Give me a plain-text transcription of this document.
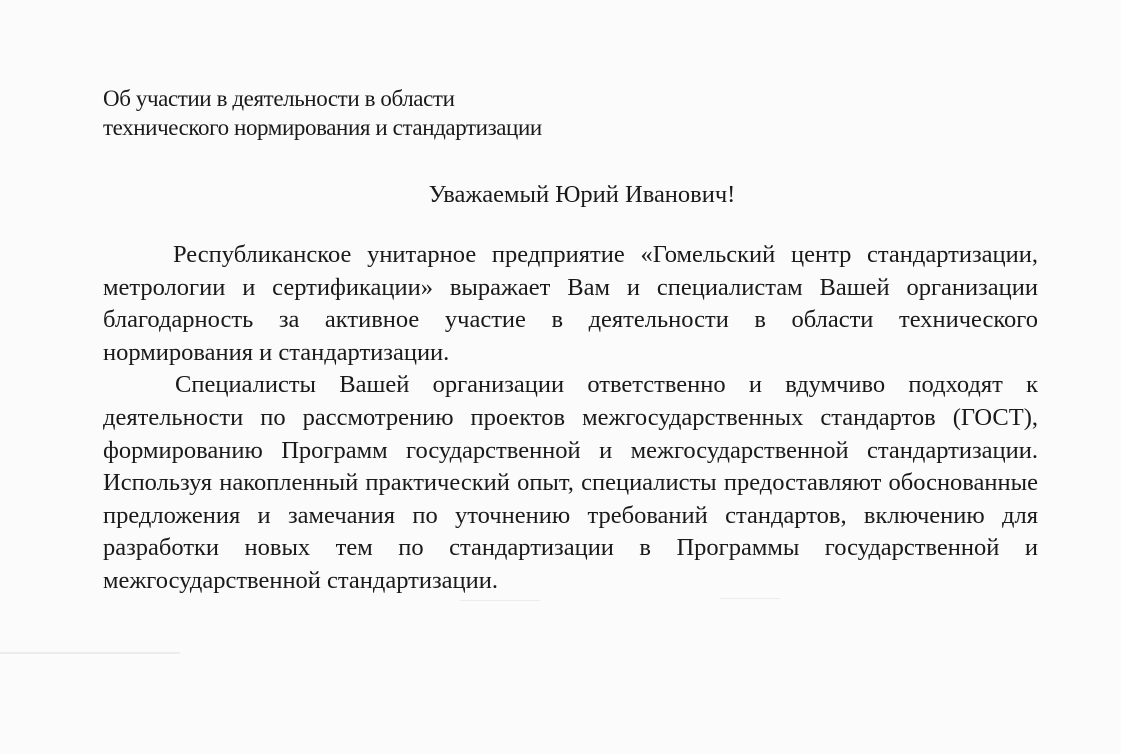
Об участии в деятельности в области
технического нормирования и стандартизации
Уважаемый Юрий Иванович!

Республиканское унитарное предприятие «Гомельский центр стандартизации, метрологии и сертификации» выражает Вам и специалистам Вашей организации благодарность за активное участие в деятельности в области технического нормирования и стандартизации.

Специалисты Вашей организации ответственно и вдумчиво подходят к деятельности по рассмотрению проектов межгосударственных стандартов (ГОСТ), формированию Программ государственной и межгосударственной стандартизации. Используя накопленный практический опыт, специалисты предоставляют обоснованные предложения и замечания по уточнению требований стандартов, включению для разработки новых тем по стандартизации в Программы государственной и межгосударственной стандартизации.
